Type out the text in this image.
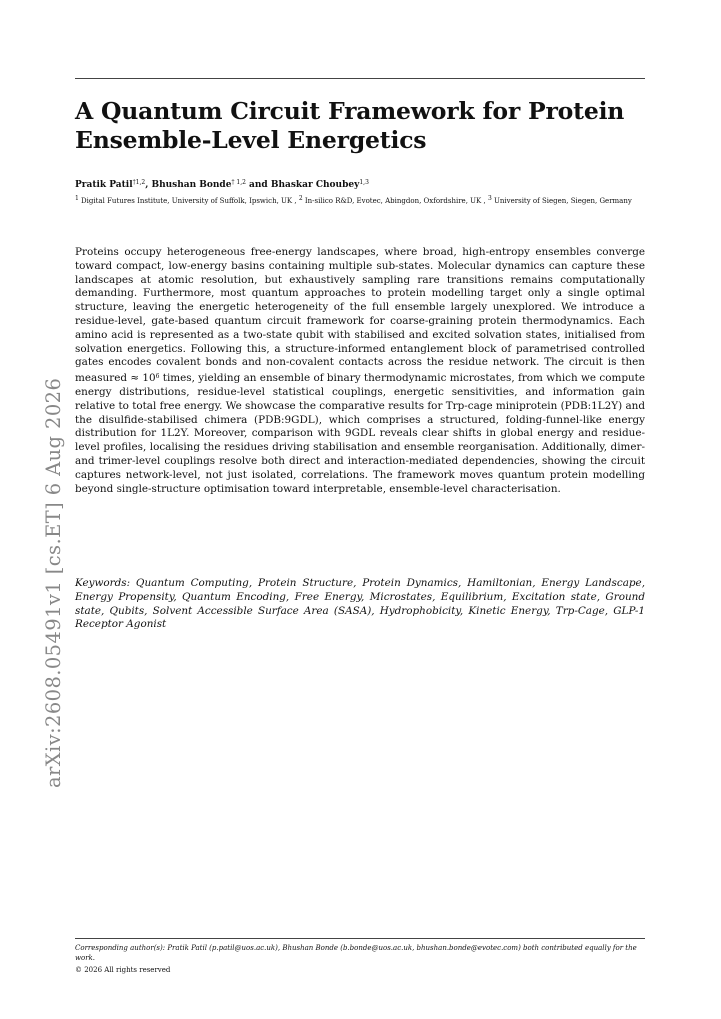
A Quantum Circuit Framework for Protein
Ensemble-Level Energetics
Pratik Patil$^{\dagger 1,2}$, Bhushan Bonde$^{\dagger 1,2}$ and Bhaskar Choubey$^{1,3}$
$^1$ Digital Futures Institute, University of Suffolk, Ipswich, UK , $^2$ In-silico R&D, Evotec, Abingdon, Oxfordshire, UK , $^3$ University of Siegen, Siegen, Germany

Proteins occupy heterogeneous free-energy landscapes, where broad, high-entropy ensembles converge toward compact, low-energy basins containing multiple sub-states. Molecular dynamics can capture these landscapes at atomic resolution, but exhaustively sampling rare transitions remains computationally demanding. Furthermore, most quantum approaches to protein modelling target only a single optimal structure, leaving the energetic heterogeneity of the full ensemble largely unexplored. We introduce a residue-level, gate-based quantum circuit framework for coarse-graining protein thermodynamics. Each amino acid is represented as a two-state qubit with stabilised and excited solvation states, initialised from solvation energetics. Following this, a structure-informed entanglement block of parametrised controlled gates encodes covalent bonds and non-covalent contacts across the residue network. The circuit is then measured ≈ $10^6$ times, yielding an ensemble of binary thermodynamic microstates, from which we compute energy distributions, residue-level statistical couplings, energetic sensitivities, and information gain relative to total free energy. We showcase the comparative results for Trp-cage miniprotein (PDB:1L2Y) and the disulfide-stabilised chimera (PDB:9GDL), which comprises a structured, folding-funnel-like energy distribution for 1L2Y. Moreover, comparison with 9GDL reveals clear shifts in global energy and residue-level profiles, localising the residues driving stabilisation and ensemble reorganisation. Additionally, dimer- and trimer-level couplings resolve both direct and interaction-mediated dependencies, showing the circuit captures network-level, not just isolated, correlations. The framework moves quantum protein modelling beyond single-structure optimisation toward interpretable, ensemble-level characterisation.

Keywords: Quantum Computing, Protein Structure, Protein Dynamics, Hamiltonian, Energy Landscape, Energy Propensity, Quantum Encoding, Free Energy, Microstates, Equilibrium, Excitation state, Ground state, Qubits, Solvent Accessible Surface Area (SASA), Hydrophobicity, Kinetic Energy, Trp-Cage, GLP-1 Receptor Agonist

arXiv:2608.05491v1 [cs.ET] 6 Aug 2026
Corresponding author(s): Pratik Patil (p.patil@uos.ac.uk), Bhushan Bonde (b.bonde@uos.ac.uk, bhushan.bonde@evotec.com) both contributed equally for the work.
© 2026 All rights reserved
